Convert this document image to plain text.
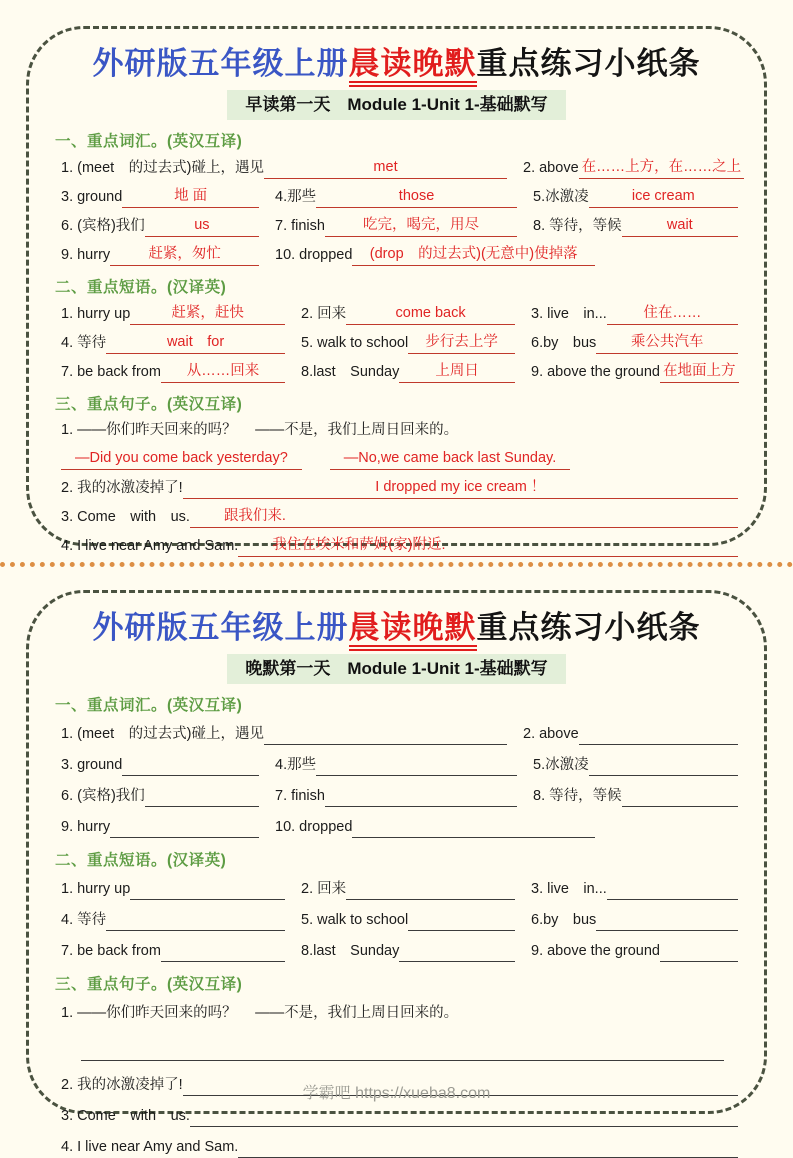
外研版五年级上册晨读晚默重点练习小纸条
早读第一天　Module 1-Unit 1-基础默写
一、重点词汇。(英汉互译)
1. (meet　的过去式)碰上，遇见	met	2. above 在……上方，在……之上
3. ground	地 面	4.那些	those	5.冰激凌	ice cream
6. (宾格)我们	us	7. finish	吃完，喝完，用尽	8. 等待，等候	wait
9. hurry	赶紧，匆忙	10. dropped	(drop　的过去式)(无意中)使掉落
二、重点短语。(汉译英)
1. hurry up	赶紧，赶快	2. 回来	come back	3. live　in...	住在……
4. 等待	wait　for	5. walk to school	步行去上学	6.by　bus	乘公共汽车
7. be back from	从……回来	8.last　Sunday	上周日	9. above the ground 在地面上方
三、重点句子。(英汉互译)
1. ——你们昨天回来的吗？　 ——不是，我们上周日回来的。
—Did you come back yesterday?	—No,we came back last Sunday.
2. 我的冰激凌掉了!	I dropped my ice cream ！
3. Come　with　us.	跟我们来.
4. I live near Amy and Sam.	我住在埃米和萨姆(家)附近.
外研版五年级上册晨读晚默重点练习小纸条
晚默第一天　Module 1-Unit 1-基础默写
一、重点词汇。(英汉互译)
1. (meet　的过去式)碰上，遇见	2. above
3. ground	4.那些	5.冰激凌
6. (宾格)我们	7. finish	8. 等待，等候
9. hurry	10. dropped
二、重点短语。(汉译英)
1. hurry up	2. 回来	3. live　in...
4. 等待	5. walk to school	6.by　bus
7. be back from	8.last　Sunday	9. above the ground
三、重点句子。(英汉互译)
1. ——你们昨天回来的吗？　 ——不是，我们上周日回来的。
2. 我的冰激凌掉了!
3. Come　with　us.
4. I live near Amy and Sam.
学霸吧 https://xueba8.com
